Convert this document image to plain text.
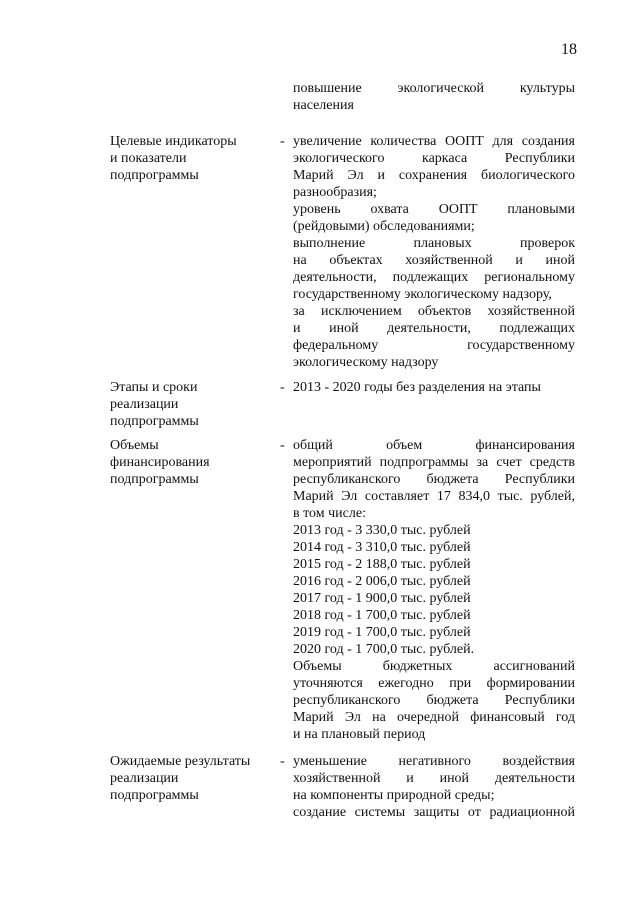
18
повышение экологической культуры
населения
Целевые индикаторы
и показатели
подпрограммы
- увеличение количества ООПТ для создания
экологического каркаса Республики
Марий Эл и сохранения биологического
разнообразия;
уровень охвата ООПТ плановыми
(рейдовыми) обследованиями;
выполнение плановых проверок
на объектах хозяйственной и иной
деятельности, подлежащих региональному
государственному экологическому надзору,
за исключением объектов хозяйственной
и иной деятельности, подлежащих
федеральному государственному
экологическому надзору
Этапы и сроки
реализации
подпрограммы
- 2013 - 2020 годы без разделения на этапы
Объемы
финансирования
подпрограммы
- общий объем финансирования
мероприятий подпрограммы за счет средств
республиканского бюджета Республики
Марий Эл составляет 17 834,0 тыс. рублей,
в том числе:
2013 год - 3 330,0 тыс. рублей
2014 год - 3 310,0 тыс. рублей
2015 год - 2 188,0 тыс. рублей
2016 год - 2 006,0 тыс. рублей
2017 год - 1 900,0 тыс. рублей
2018 год - 1 700,0 тыс. рублей
2019 год - 1 700,0 тыс. рублей
2020 год - 1 700,0 тыс. рублей.
Объемы бюджетных ассигнований
уточняются ежегодно при формировании
республиканского бюджета Республики
Марий Эл на очередной финансовый год
и на плановый период
Ожидаемые результаты
реализации
подпрограммы
- уменьшение негативного воздействия
хозяйственной и иной деятельности
на компоненты природной среды;
создание системы защиты от радиационной
